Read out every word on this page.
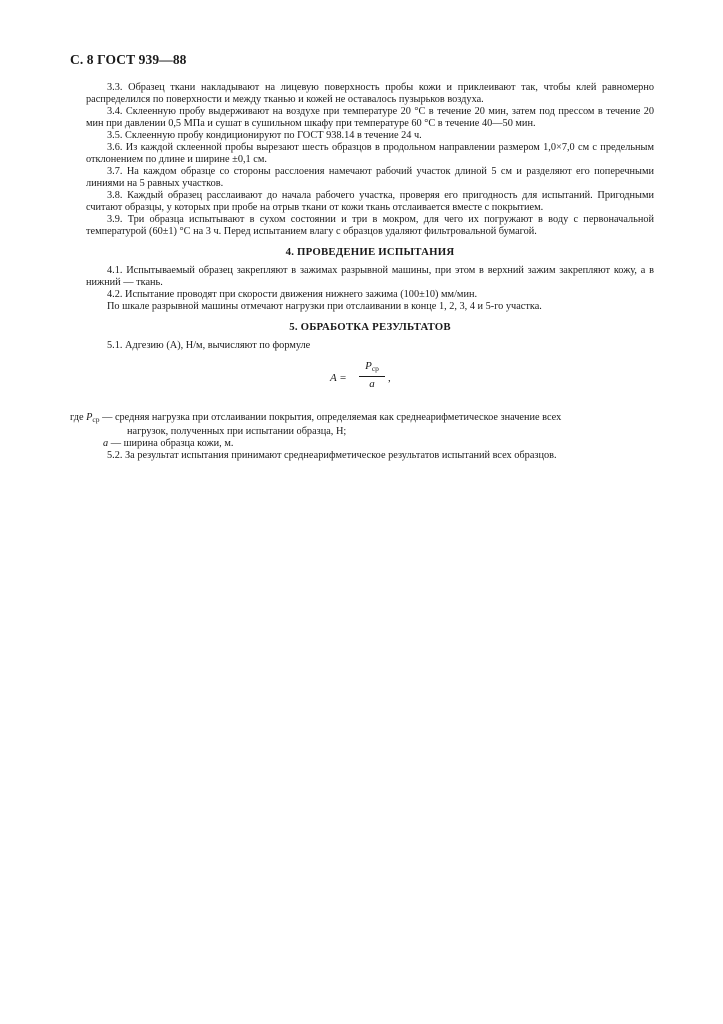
С. 8 ГОСТ 939—88

3.3. Образец ткани накладывают на лицевую поверхность пробы кожи и приклеивают так, чтобы клей равномерно распределился по поверхности и между тканью и кожей не оставалось пузырьков воздуха.

3.4. Склеенную пробу выдерживают на воздухе при температуре 20 °С в течение 20 мин, затем под прессом в течение 20 мин при давлении 0,5 МПа и сушат в сушильном шкафу при температуре 60 °С в течение 40—50 мин.

3.5. Склеенную пробу кондиционируют по ГОСТ 938.14 в течение 24 ч.

3.6. Из каждой склеенной пробы вырезают шесть образцов в продольном направлении размером 1,0×7,0 см с предельным отклонением по длине и ширине ±0,1 см.

3.7. На каждом образце со стороны расслоения намечают рабочий участок длиной 5 см и разделяют его поперечными линиями на 5 равных участков.

3.8. Каждый образец расслаивают до начала рабочего участка, проверяя его пригодность для испытаний. Пригодными считают образцы, у которых при пробе на отрыв ткани от кожи ткань отслаивается вместе с покрытием.

3.9. Три образца испытывают в сухом состоянии и три в мокром, для чего их погружают в воду с первоначальной температурой (60±1) °С на 3 ч. Перед испытанием влагу с образцов удаляют фильтровальной бумагой.

4. ПРОВЕДЕНИЕ ИСПЫТАНИЯ

4.1. Испытываемый образец закрепляют в зажимах разрывной машины, при этом в верхний зажим закрепляют кожу, а в нижний — ткань.

4.2. Испытание проводят при скорости движения нижнего зажима (100±10) мм/мин.

По шкале разрывной машины отмечают нагрузки при отслаивании в конце 1, 2, 3, 4 и 5-го участка.

5. ОБРАБОТКА РЕЗУЛЬТАТОВ

5.1. Адгезию (А), Н/м, вычисляют по формуле

A =
$P_{ср}$
a	,
где $P_{ср}$ — средняя нагрузка при отслаивании покрытия, определяемая как среднеарифметическое значение всех
нагрузок, полученных при испытании образца, Н;
a — ширина образца кожи, м.

5.2. За результат испытания принимают среднеарифметическое результатов испытаний всех образцов.
